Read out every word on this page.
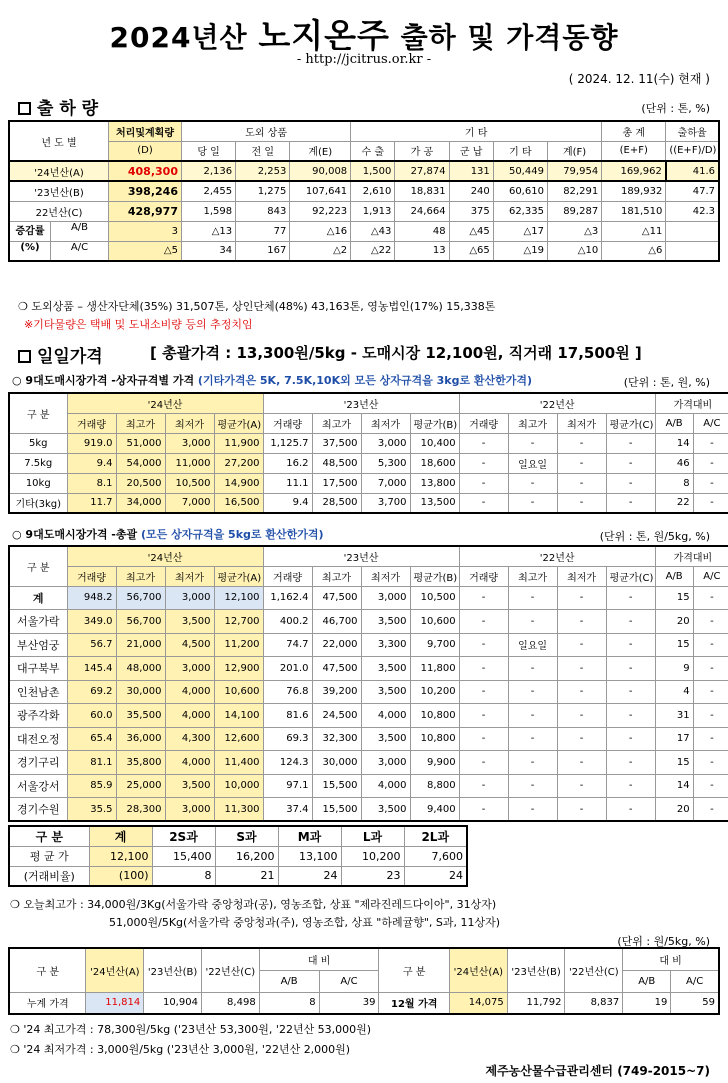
2024년산 노지온주 출하 및 가격동향
- http://jcitrus.or.kr -
( 2024. 12. 11(수) 현재 )
출 하 량	(단위 : 톤, %)
년 도 별	처리및계획량	도외 상품			기 타					총 계	출하율
	(D)	당 일	전 일	계(E)	수 출	가 공	군 납	기 타	계(F)	(E+F)	((E+F)/D)
'24년산(A)	408,300	2,136	2,253	90,008	1,500	27,874	131	50,449	79,954	169,962	41.6
'23년산(B)	398,246	2,455	1,275	107,641	2,610	18,831	240	60,610	82,291	189,932	47.7
22년산(C)	428,977	1,598	843	92,223	1,913	24,664	375	62,335	89,287	181,510	42.3

증감률 A/B	3	△13	77	△16	△43	48	△45	△17	△3	△11	

(%) A/C	△5	34	167	△2	△22	13	△65	△19	△10	△6	
❍ 도외상품 – 생산자단체(35%) 31,507톤, 상인단체(48%) 43,163톤, 영농법인(17%) 15,338톤
※기타물량은 택배 및 도내소비량 등의 추정치임
일일가격	[ 총괄가격 : 13,300원/5kg - 도매시장 12,100원, 직거래 17,500원 ]
○ 9대도매시장가격 -상자규격별 가격 (기타가격은 5K, 7.5K,10K외 모든 상자규격을 3kg로 환산한가격)	(단위 : 톤, 원, %)
구 분	'24년산				'23년산				'22년산				가격대비	
	거래량	최고가	최저가	평균가(A)	거래량	최고가	최저가	평균가(B)	거래량	최고가	최저가	평균가(C)	A/B	A/C
5kg	919.0	51,000	3,000	11,900	1,125.7	37,500	3,000	10,400	-	-	-	-	14	-
7.5kg	9.4	54,000	11,000	27,200	16.2	48,500	5,300	18,600	-	일요일	-	-	46	-
10kg	8.1	20,500	10,500	14,900	11.1	17,500	7,000	13,800	-	-	-	-	8	-
기타(3kg)	11.7	34,000	7,000	16,500	9.4	28,500	3,700	13,500	-	-	-	-	22	-
○ 9대도매시장가격 -총괄 (모든 상자규격을 5kg로 환산한가격)	(단위 : 톤, 원/5kg, %)
구 분	'24년산				'23년산				'22년산				가격대비	
	거래량	최고가	최저가	평균가(A)	거래량	최고가	최저가	평균가(B)	거래량	최고가	최저가	평균가(C)	A/B	A/C
계	948.2	56,700	3,000	12,100	1,162.4	47,500	3,000	10,500	-	-	-	-	15	-
서울가락	349.0	56,700	3,500	12,700	400.2	46,700	3,500	10,600	-	-	-	-	20	-
부산엄궁	56.7	21,000	4,500	11,200	74.7	22,000	3,300	9,700	-	일요일	-	-	15	-
대구북부	145.4	48,000	3,000	12,900	201.0	47,500	3,500	11,800	-	-	-	-	9	-
인천남촌	69.2	30,000	4,000	10,600	76.8	39,200	3,500	10,200	-	-	-	-	4	-
광주각화	60.0	35,500	4,000	14,100	81.6	24,500	4,000	10,800	-	-	-	-	31	-
대전오정	65.4	36,000	4,300	12,600	69.3	32,300	3,500	10,800	-	-	-	-	17	-
경기구리	81.1	35,800	4,000	11,400	124.3	30,000	3,000	9,900	-	-	-	-	15	-
서울강서	85.9	25,000	3,500	10,000	97.1	15,500	4,000	8,800	-	-	-	-	14	-
경기수원	35.5	28,300	3,000	11,300	37.4	15,500	3,500	9,400	-	-	-	-	20	-
구 분	계	2S과	S과	M과	L과	2L과
평 균 가	12,100	15,400	16,200	13,100	10,200	7,600
(거래비율)	(100)	8	21	24	23	24
❍ 오늘최고가 : 34,000원/3Kg(서울가락 중앙청과(공), 영농조합, 상표 "제라진레드다이아", 31상자)
51,000원/5Kg(서울가락 중앙청과(주), 영농조합, 상표 "하례귤향", S과, 11상자)
(단위 : 원/5kg, %)
구 분	'24년산(A)	'23년산(B)	'22년산(C)	대 비		구 분	'24년산(A)	'23년산(B)	'22년산(C)	대 비	
				A/B	A/C					A/B	A/C
누계 가격	11,814	10,904	8,498	8	39	12월 가격	14,075	11,792	8,837	19	59
❍ '24 최고가격 : 78,300원/5kg ('23년산 53,300원, '22년산 53,000원)
❍ '24 최저가격 : 3,000원/5kg ('23년산 3,000원, '22년산 2,000원)
제주농산물수급관리센터 (749-2015~7)
